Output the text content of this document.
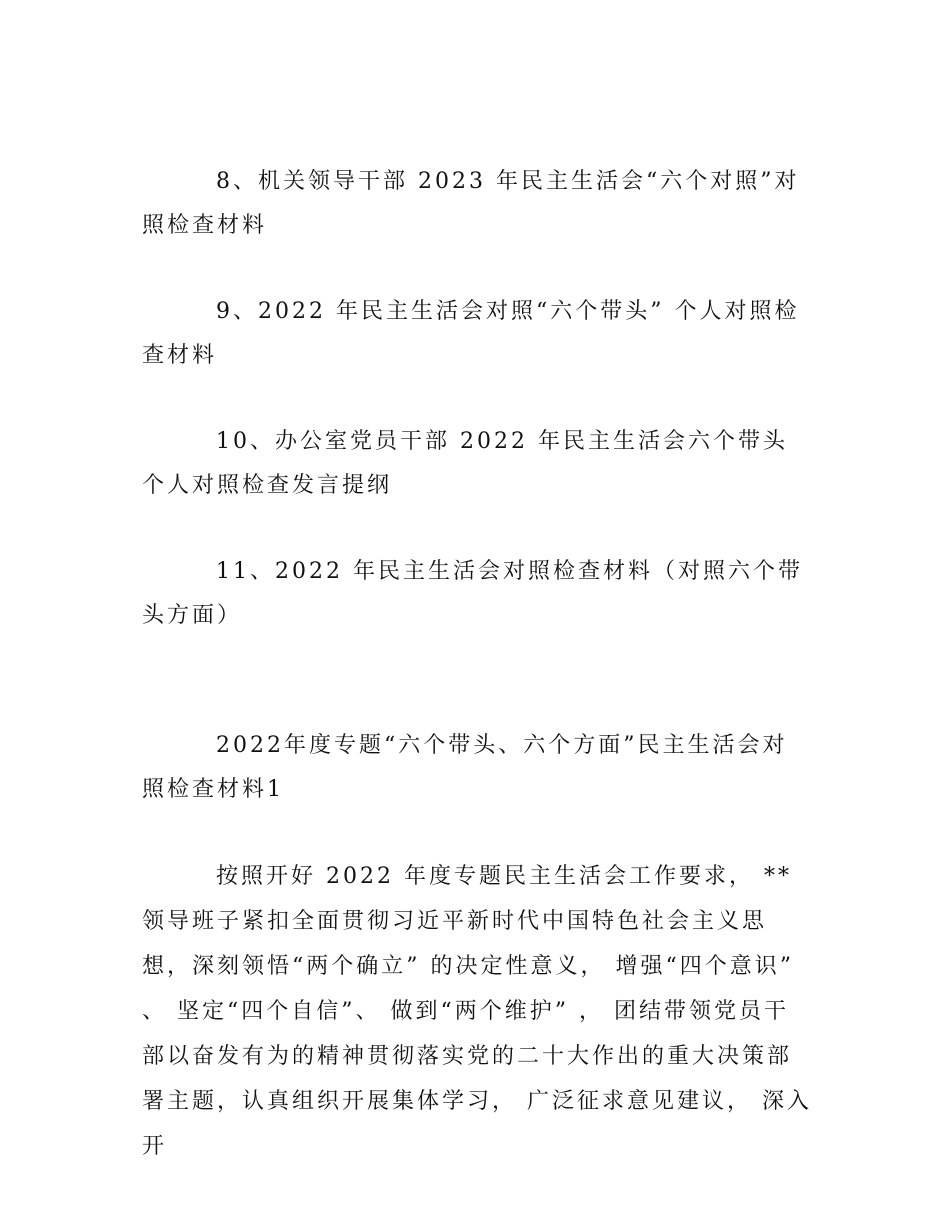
8、机关领导干部 2023 年民主生活会“六个对照”对照检查材料

9、2022 年民主生活会对照“六个带头” 个人对照检查材料

10、办公室党员干部 2022 年民主生活会六个带头个人对照检查发言提纲

11、2022 年民主生活会对照检查材料（对照六个带头方面）

2022年度专题“六个带头、六个方面”民主生活会对照检查材料1

按照开好 2022 年度专题民主生活会工作要求， **领导班子紧扣全面贯彻习近平新时代中国特色社会主义思想，深刻领悟“两个确立” 的决定性意义， 增强“四个意识” 、 坚定“四个自信”、 做到“两个维护” ， 团结带领党员干部以奋发有为的精神贯彻落实党的二十大作出的重大决策部署主题，认真组织开展集体学习， 广泛征求意见建议， 深入开
